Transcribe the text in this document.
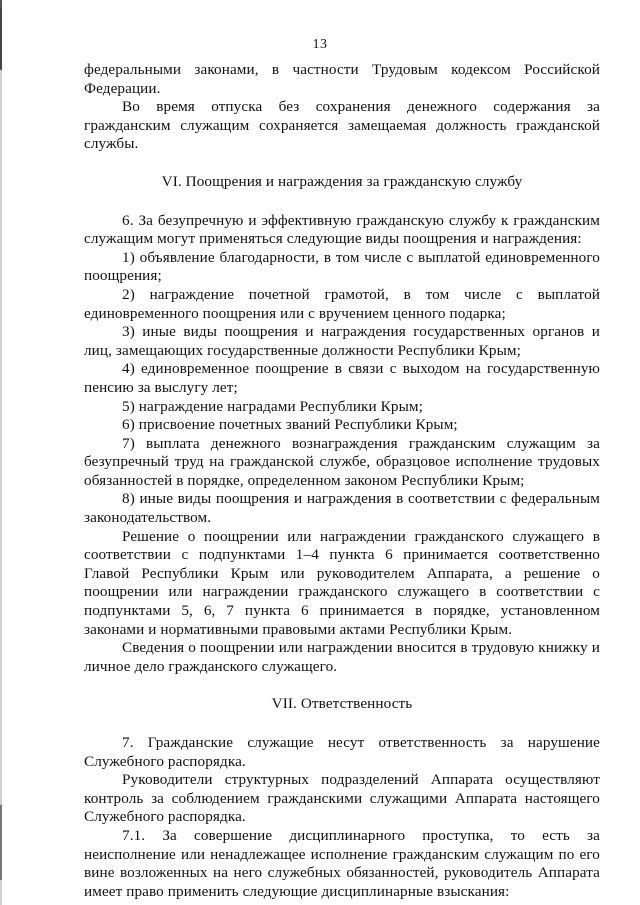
13

федеральными законами, в частности Трудовым кодексом Российской Федерации.

Во время отпуска без сохранения денежного содержания за гражданским служащим сохраняется замещаемая должность гражданской службы.

VI. Поощрения и награждения за гражданскую службу

6. За безупречную и эффективную гражданскую службу к гражданским служащим могут применяться следующие виды поощрения и награждения:

1) объявление благодарности, в том числе с выплатой единовременного поощрения;

2) награждение почетной грамотой, в том числе с выплатой единовременного поощрения или с вручением ценного подарка;

3) иные виды поощрения и награждения государственных органов и лиц, замещающих государственные должности Республики Крым;

4) единовременное поощрение в связи с выходом на государственную пенсию за выслугу лет;

5) награждение наградами Республики Крым;

6) присвоение почетных званий Республики Крым;

7) выплата денежного вознаграждения гражданским служащим за безупречный труд на гражданской службе, образцовое исполнение трудовых обязанностей в порядке, определенном законом Республики Крым;

8) иные виды поощрения и награждения в соответствии с федеральным законодательством.

Решение о поощрении или награждении гражданского служащего в соответствии с подпунктами 1–4 пункта 6 принимается соответственно Главой Республики Крым или руководителем Аппарата, а решение о поощрении или награждении гражданского служащего в соответствии с подпунктами 5, 6, 7 пункта 6 принимается в порядке, установленном законами и нормативными правовыми актами Республики Крым.

Сведения о поощрении или награждении вносится в трудовую книжку и личное дело гражданского служащего.

VII. Ответственность

7. Гражданские служащие несут ответственность за нарушение Служебного распорядка.

Руководители структурных подразделений Аппарата осуществляют контроль за соблюдением гражданскими служащими Аппарата настоящего Служебного распорядка.

7.1. За совершение дисциплинарного проступка, то есть за неисполнение или ненадлежащее исполнение гражданским служащим по его вине возложенных на него служебных обязанностей, руководитель Аппарата имеет право применить следующие дисциплинарные взыскания:
